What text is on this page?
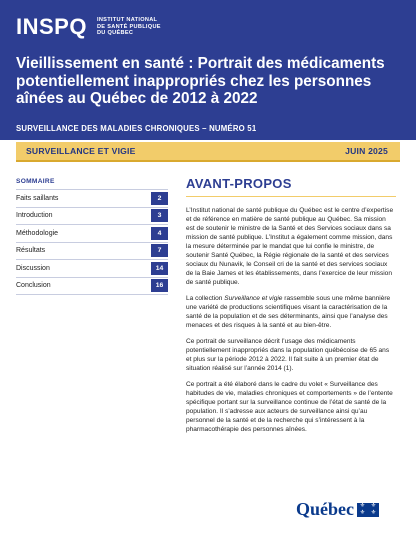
INSPQ INSTITUT NATIONAL
DE SANTÉ PUBLIQUE
DU QUÉBEC
Vieillissement en santé : Portrait des médicaments potentiellement inappropriés chez les personnes aînées au Québec de 2012 à 2022
SURVEILLANCE DES MALADIES CHRONIQUES – NUMÉRO 51
SURVEILLANCE ET VIGIE	JUIN 2025
SOMMAIRE
Faits saillants	2
Introduction	3
Méthodologie	4
Résultats	7
Discussion	14
Conclusion	16
AVANT-PROPOS

L’Institut national de santé publique du Québec est le centre d’expertise et de référence en matière de santé publique au Québec. Sa mission est de soutenir le ministre de la Santé et des Services sociaux dans sa mission de santé publique. L’Institut a également comme mission, dans la mesure déterminée par le mandat que lui confie le ministre, de soutenir Santé Québec, la Régie régionale de la santé et des services sociaux du Nunavik, le Conseil cri de la santé et des services sociaux de la Baie James et les établissements, dans l’exercice de leur mission de santé publique.

La collection Surveillance et vigie rassemble sous une même bannière une variété de productions scientifiques visant la caractérisation de la santé de la population et de ses déterminants, ainsi que l’analyse des menaces et des risques à la santé et au bien-être.

Ce portrait de surveillance décrit l’usage des médicaments potentiellement inappropriés dans la population québécoise de 65 ans et plus sur la période 2012 à 2022. Il fait suite à un premier état de situation réalisé sur l’année 2014 (1).

Ce portrait a été élaboré dans le cadre du volet « Surveillance des habitudes de vie, maladies chroniques et comportements » de l’entente spécifique portant sur la surveillance continue de l’état de santé de la population. Il s’adresse aux acteurs de surveillance ainsi qu’au personnel de la santé et de la recherche qui s’intéressent à la pharmacothérapie des personnes aînées.

Québec ⚜ ⚜
⚜ ⚜
